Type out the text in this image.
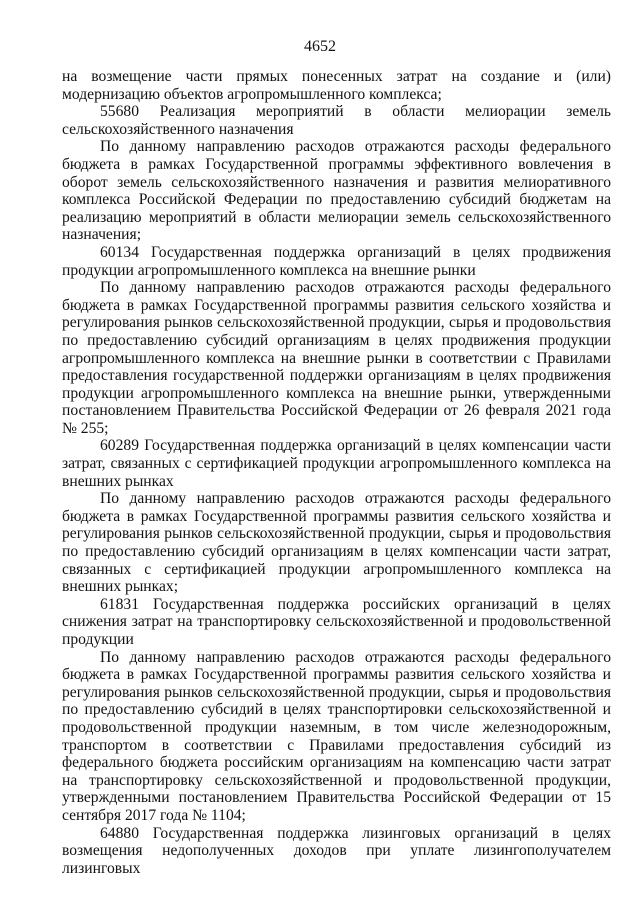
4652

на возмещение части прямых понесенных затрат на создание и (или) модернизацию объектов агропромышленного комплекса;

55680 Реализация мероприятий в области мелиорации земель сельскохозяйственного назначения

По данному направлению расходов отражаются расходы федерального бюджета в рамках Государственной программы эффективного вовлечения в оборот земель сельскохозяйственного назначения и развития мелиоративного комплекса Российской Федерации по предоставлению субсидий бюджетам на реализацию мероприятий в области мелиорации земель сельскохозяйственного назначения;

60134 Государственная поддержка организаций в целях продвижения продукции агропромышленного комплекса на внешние рынки

По данному направлению расходов отражаются расходы федерального бюджета в рамках Государственной программы развития сельского хозяйства и регулирования рынков сельскохозяйственной продукции, сырья и продовольствия по предоставлению субсидий организациям в целях продвижения продукции агропромышленного комплекса на внешние рынки в соответствии с Правилами предоставления государственной поддержки организациям в целях продвижения продукции агропромышленного комплекса на внешние рынки, утвержденными постановлением Правительства Российской Федерации от 26 февраля 2021 года № 255;

60289 Государственная поддержка организаций в целях компенсации части затрат, связанных с сертификацией продукции агропромышленного комплекса на внешних рынках

По данному направлению расходов отражаются расходы федерального бюджета в рамках Государственной программы развития сельского хозяйства и регулирования рынков сельскохозяйственной продукции, сырья и продовольствия по предоставлению субсидий организациям в целях компенсации части затрат, связанных с сертификацией продукции агропромышленного комплекса на внешних рынках;

61831 Государственная поддержка российских организаций в целях снижения затрат на транспортировку сельскохозяйственной и продовольственной продукции

По данному направлению расходов отражаются расходы федерального бюджета в рамках Государственной программы развития сельского хозяйства и регулирования рынков сельскохозяйственной продукции, сырья и продовольствия по предоставлению субсидий в целях транспортировки сельскохозяйственной и продовольственной продукции наземным, в том числе железнодорожным, транспортом в соответствии с Правилами предоставления субсидий из федерального бюджета российским организациям на компенсацию части затрат на транспортировку сельскохозяйственной и продовольственной продукции, утвержденными постановлением Правительства Российской Федерации от 15 сентября 2017 года № 1104;

64880 Государственная поддержка лизинговых организаций в целях возмещения недополученных доходов при уплате лизингополучателем лизинговых
